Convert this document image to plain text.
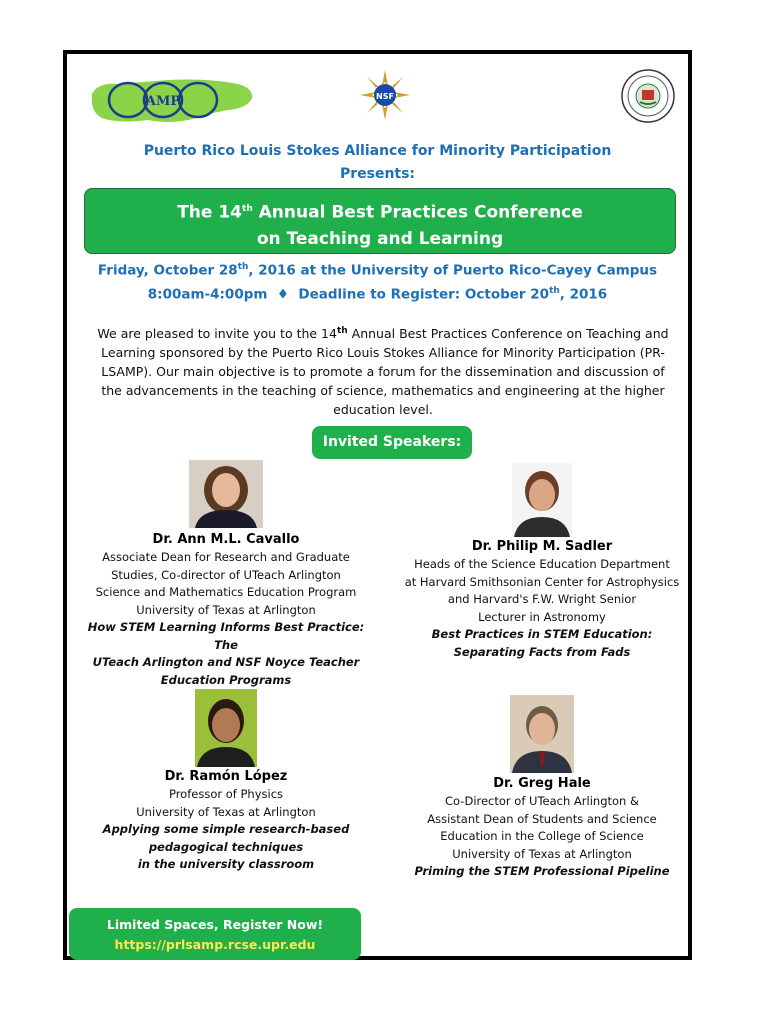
AMP	NSF
Puerto Rico Louis Stokes Alliance for Minority Participation
Presents:
The 14th Annual Best Practices Conference
on Teaching and Learning
Friday, October 28th, 2016 at the University of Puerto Rico-Cayey Campus
8:00am-4:00pm ♦ Deadline to Register: October 20th, 2016
We are pleased to invite you to the 14th Annual Best Practices Conference on Teaching and Learning sponsored by the Puerto Rico Louis Stokes Alliance for Minority Participation (PR-LSAMP). Our main objective is to promote a forum for the dissemination and discussion of the advancements in the teaching of science, mathematics and engineering at the higher education level.
Invited Speakers:
Dr. Ann M.L. Cavallo
Associate Dean for Research and Graduate
Studies, Co-director of UTeach Arlington
Science and Mathematics Education Program
University of Texas at Arlington
How STEM Learning Informs Best Practice: The
UTeach Arlington and NSF Noyce Teacher
Education Programs
Dr. Philip M. Sadler
Heads of the Science Education Department
at Harvard Smithsonian Center for Astrophysics
and Harvard's F.W. Wright Senior
Lecturer in Astronomy
Best Practices in STEM Education:
Separating Facts from Fads
Dr. Ramón López
Professor of Physics
University of Texas at Arlington
Applying some simple research-based
pedagogical techniques
in the university classroom
Dr. Greg Hale
Co-Director of UTeach Arlington &
Assistant Dean of Students and Science
Education in the College of Science
University of Texas at Arlington
Priming the STEM Professional Pipeline
Limited Spaces, Register Now!
https://prlsamp.rcse.upr.edu
